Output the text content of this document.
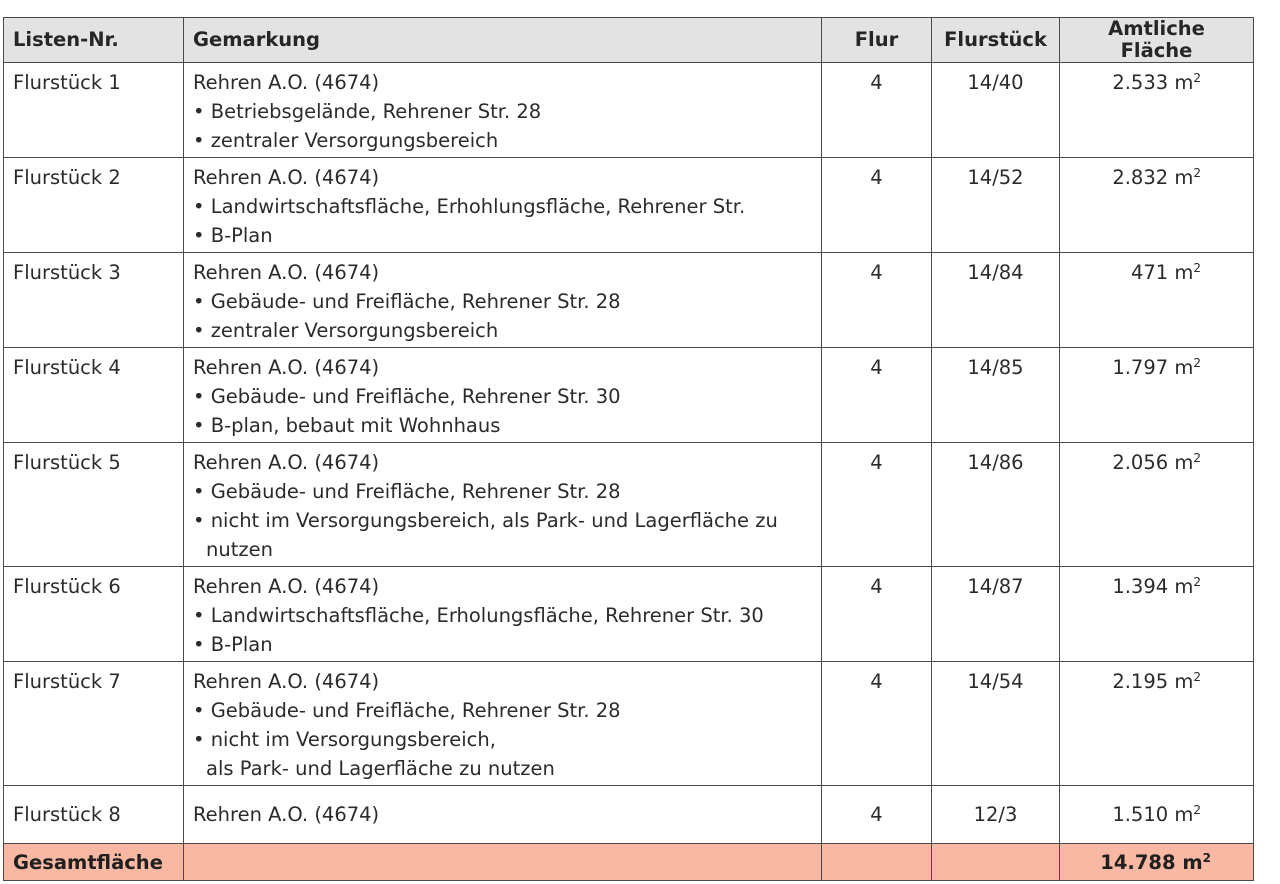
Listen-Nr.	Gemarkung	Flur	Flurstück	Amtliche Fläche
Flurstück 1	Rehren A.O. (4674)
• Betriebsgelände, Rehrener Str. 28
• zentraler Versorgungsbereich	4	14/40	2.533 $m^2$
Flurstück 2	Rehren A.O. (4674)
• Landwirtschaftsfläche, Erhohlungsfläche, Rehrener Str.
• B-Plan	4	14/52	2.832 $m^2$
Flurstück 3	Rehren A.O. (4674)
• Gebäude- und Freifläche, Rehrener Str. 28
• zentraler Versorgungsbereich	4	14/84	471 $m^2$
Flurstück 4	Rehren A.O. (4674)
• Gebäude- und Freifläche, Rehrener Str. 30
• B-plan, bebaut mit Wohnhaus	4	14/85	1.797 $m^2$
Flurstück 5	Rehren A.O. (4674)
• Gebäude- und Freifläche, Rehrener Str. 28
• nicht im Versorgungsbereich, als Park- und Lagerfläche zu
nutzen	4	14/86	2.056 $m^2$
Flurstück 6	Rehren A.O. (4674)
• Landwirtschaftsfläche, Erholungsfläche, Rehrener Str. 30
• B-Plan	4	14/87	1.394 $m^2$
Flurstück 7	Rehren A.O. (4674)
• Gebäude- und Freifläche, Rehrener Str. 28
• nicht im Versorgungsbereich,
als Park- und Lagerfläche zu nutzen	4	14/54	2.195 $m^2$
Flurstück 8	Rehren A.O. (4674)	4	12/3	1.510 $m^2$
Gesamtfläche				14.788 $m^2$
